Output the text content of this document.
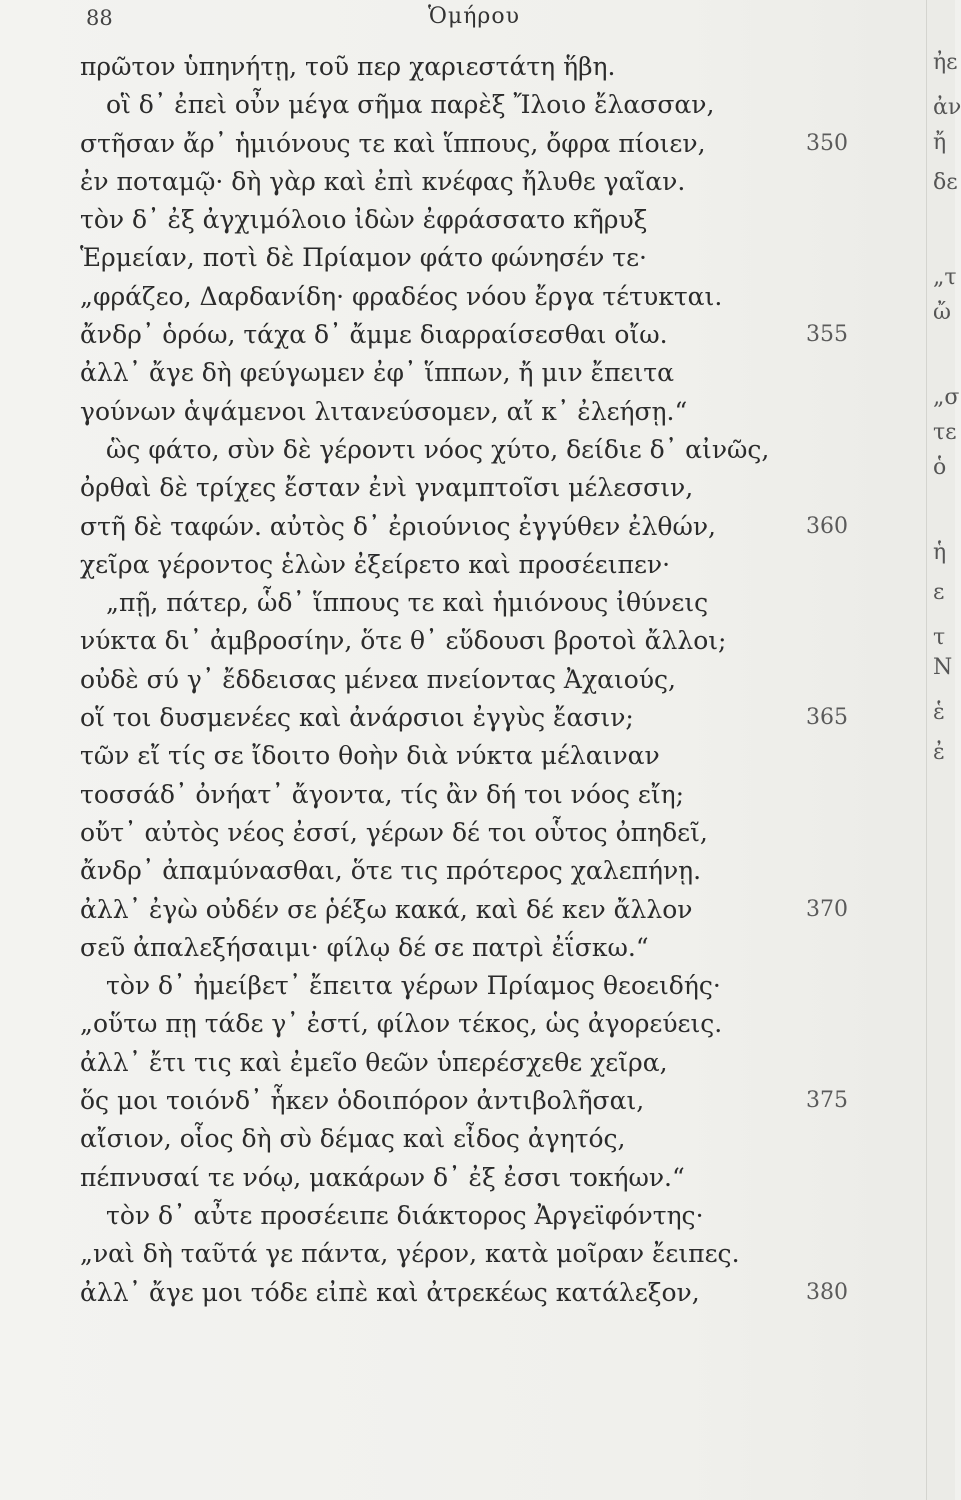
88	Ὁμήρου
πρῶτον ὑπηνήτῃ, τοῦ περ χαριεστάτη ἥβη.
οἳ δ᾽ ἐπεὶ οὖν μέγα σῆμα παρὲξ Ἴλοιο ἔλασσαν,
στῆσαν ἄρ᾽ ἡμιόνους τε καὶ ἵππους, ὄφρα πίοιεν,	350
ἐν ποταμῷ· δὴ γὰρ καὶ ἐπὶ κνέφας ἤλυθε γαῖαν.
τὸν δ᾽ ἐξ ἀγχιμόλοιο ἰδὼν ἐφράσσατο κῆρυξ
Ἑρμείαν, ποτὶ δὲ Πρίαμον φάτο φώνησέν τε·
„φράζεο, Δαρδανίδη· φραδέος νόου ἔργα τέτυκται.
ἄνδρ᾽ ὁρόω, τάχα δ᾽ ἄμμε διαρραίσεσθαι οἴω.	355
ἀλλ᾽ ἄγε δὴ φεύγωμεν ἐφ᾽ ἵππων, ἤ μιν ἔπειτα
γούνων ἁψάμενοι λιτανεύσομεν, αἴ κ᾽ ἐλεήσῃ.“
ὣς φάτο, σὺν δὲ γέροντι νόος χύτο, δείδιε δ᾽ αἰνῶς,
ὀρθαὶ δὲ τρίχες ἔσταν ἐνὶ γναμπτοῖσι μέλεσσιν,
στῆ δὲ ταφών. αὐτὸς δ᾽ ἐριούνιος ἐγγύθεν ἐλθών,	360
χεῖρα γέροντος ἑλὼν ἐξείρετο καὶ προσέειπεν·
„πῇ, πάτερ, ὧδ᾽ ἵππους τε καὶ ἡμιόνους ἰθύνεις
νύκτα δι᾽ ἀμβροσίην, ὅτε θ᾽ εὕδουσι βροτοὶ ἄλλοι;
οὐδὲ σύ γ᾽ ἔδδεισας μένεα πνείοντας Ἀχαιούς,
οἵ τοι δυσμενέες καὶ ἀνάρσιοι ἐγγὺς ἔασιν;	365
τῶν εἴ τίς σε ἴδοιτο θοὴν διὰ νύκτα μέλαιναν
τοσσάδ᾽ ὀνήατ᾽ ἄγοντα, τίς ἂν δή τοι νόος εἴη;
οὔτ᾽ αὐτὸς νέος ἐσσί, γέρων δέ τοι οὗτος ὀπηδεῖ,
ἄνδρ᾽ ἀπαμύνασθαι, ὅτε τις πρότερος χαλεπήνῃ.
ἀλλ᾽ ἐγὼ οὐδέν σε ῥέξω κακά, καὶ δέ κεν ἄλλον	370
σεῦ ἀπαλεξήσαιμι· φίλῳ δέ σε πατρὶ ἐΐσκω.“
τὸν δ᾽ ἠμείβετ᾽ ἔπειτα γέρων Πρίαμος θεοειδής·
„οὕτω πῃ τάδε γ᾽ ἐστί, φίλον τέκος, ὡς ἀγορεύεις.
ἀλλ᾽ ἔτι τις καὶ ἐμεῖο θεῶν ὑπερέσχεθε χεῖρα,
ὅς μοι τοιόνδ᾽ ἧκεν ὁδοιπόρον ἀντιβολῆσαι,	375
αἴσιον, οἷος δὴ σὺ δέμας καὶ εἶδος ἀγητός,
πέπνυσαί τε νόῳ, μακάρων δ᾽ ἐξ ἐσσι τοκήων.“
τὸν δ᾽ αὖτε προσέειπε διάκτορος Ἀργεϊφόντης·
„ναὶ δὴ ταῦτά γε πάντα, γέρον, κατὰ μοῖραν ἔειπες.
ἀλλ᾽ ἄγε μοι τόδε εἰπὲ καὶ ἀτρεκέως κατάλεξον,	380
ἠε
ἀν
ἤ
δε
„τ
ὤ
„σ
τε
ὁ
ἡ
ε
τ
Ν
ἑ
ἐ
